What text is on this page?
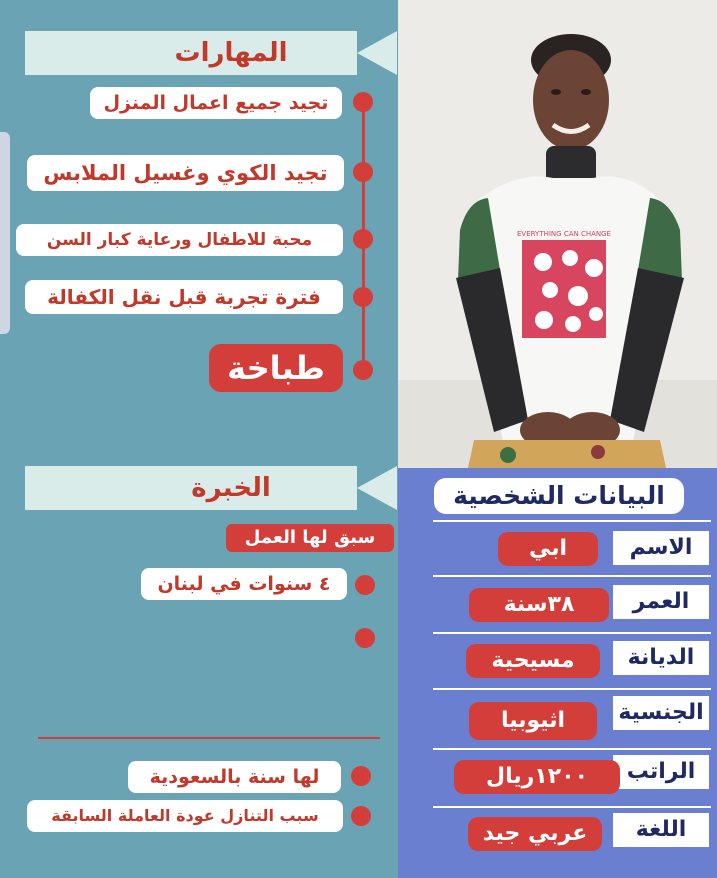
المهارات
تجيد جميع اعمال المنزل
تجيد الكوي وغسيل الملابس
محبة للاطفال ورعاية كبار السن
فترة تجربة قبل نقل الكفالة
طباخة
الخبرة
سبق لها العمل
٤ سنوات في لبنان
لها سنة بالسعودية
سبب التنازل عودة العاملة السابقة
EVERYTHING CAN CHANGE
البيانات الشخصية
الاسم
ابي
العمر
٣٨سنة
الديانة
مسيحية
الجنسية
اثيوبيا
الراتب
١٢٠٠ريال
اللغة
عربي جيد
